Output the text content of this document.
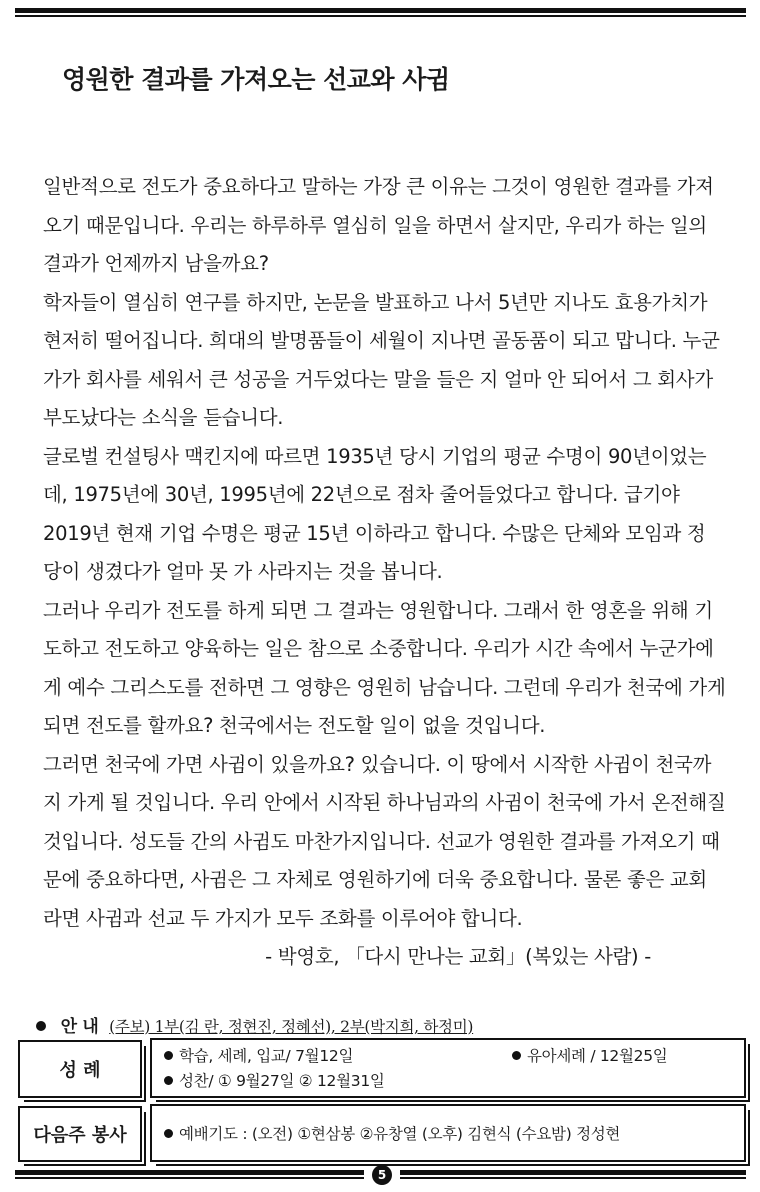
영원한 결과를 가져오는 선교와 사귐
일반적으로 전도가 중요하다고 말하는 가장 큰 이유는 그것이 영원한 결과를 가져
오기 때문입니다. 우리는 하루하루 열심히 일을 하면서 살지만, 우리가 하는 일의
결과가 언제까지 남을까요?
학자들이 열심히 연구를 하지만, 논문을 발표하고 나서 5년만 지나도 효용가치가
현저히 떨어집니다. 희대의 발명품들이 세월이 지나면 골동품이 되고 맙니다. 누군
가가 회사를 세워서 큰 성공을 거두었다는 말을 들은 지 얼마 안 되어서 그 회사가
부도났다는 소식을 듣습니다.
글로벌 컨설팅사 맥킨지에 따르면 1935년 당시 기업의 평균 수명이 90년이었는
데, 1975년에 30년, 1995년에 22년으로 점차 줄어들었다고 합니다. 급기야
2019년 현재 기업 수명은 평균 15년 이하라고 합니다. 수많은 단체와 모임과 정
당이 생겼다가 얼마 못 가 사라지는 것을 봅니다.
그러나 우리가 전도를 하게 되면 그 결과는 영원합니다. 그래서 한 영혼을 위해 기
도하고 전도하고 양육하는 일은 참으로 소중합니다. 우리가 시간 속에서 누군가에
게 예수 그리스도를 전하면 그 영향은 영원히 남습니다. 그런데 우리가 천국에 가게
되면 전도를 할까요? 천국에서는 전도할 일이 없을 것입니다.
그러면 천국에 가면 사귐이 있을까요? 있습니다. 이 땅에서 시작한 사귐이 천국까
지 가게 될 것입니다. 우리 안에서 시작된 하나님과의 사귐이 천국에 가서 온전해질
것입니다. 성도들 간의 사귐도 마찬가지입니다. 선교가 영원한 결과를 가져오기 때
문에 중요하다면, 사귐은 그 자체로 영원하기에 더욱 중요합니다. 물론 좋은 교회
라면 사귐과 선교 두 가지가 모두 조화를 이루어야 합니다.
- 박영호, 「다시 만나는 교회」(복있는 사람) -
안 내 (주보) 1부(김 란, 정현진, 정혜선), 2부(박지희, 하정미)
성 례
학습, 세례, 입교/ 7월12일	유아세례 / 12월25일
성찬/ ① 9월27일 ② 12월31일
다음주 봉사	예배기도 : (오전) ①현삼봉 ②유창열 (오후) 김현식 (수요밤) 정성현
5
